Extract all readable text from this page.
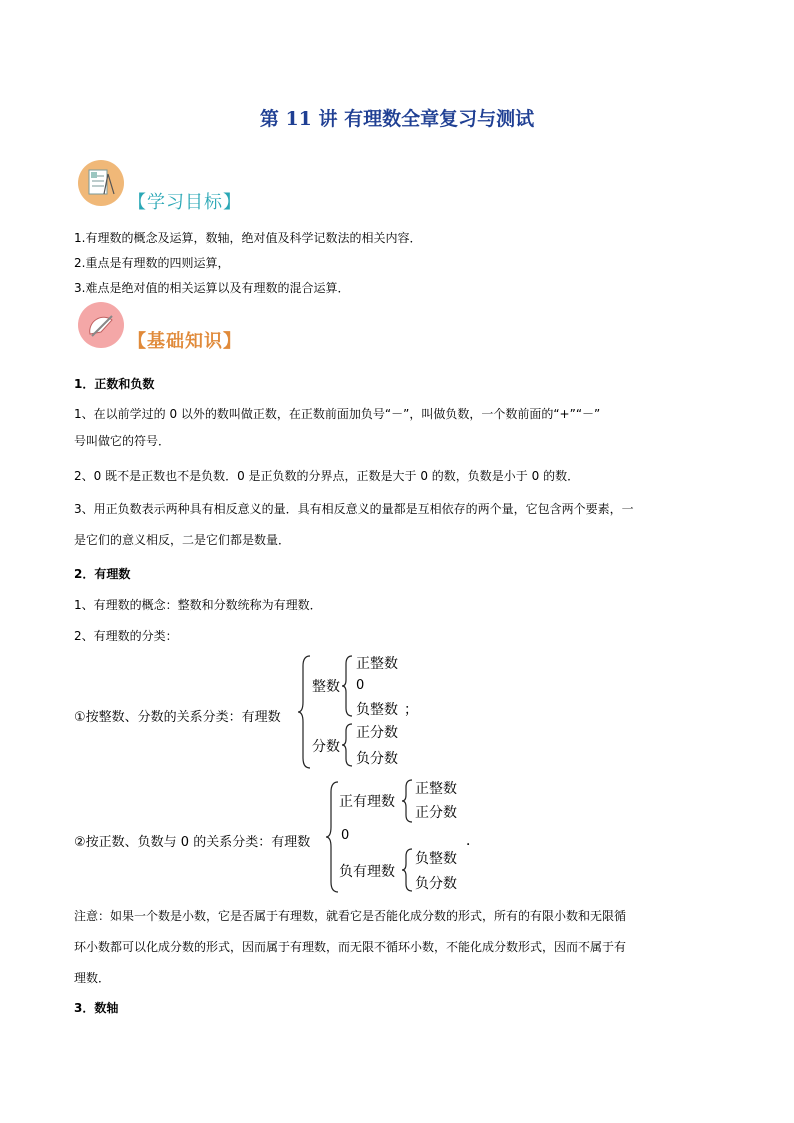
第 11 讲 有理数全章复习与测试
【学习目标】
1.有理数的概念及运算，数轴，绝对值及科学记数法的相关内容．
2.重点是有理数的四则运算，
3.难点是绝对值的相关运算以及有理数的混合运算．
【基础知识】
1．正数和负数
1、在以前学过的 0 以外的数叫做正数，在正数前面加负号“－”，叫做负数，一个数前面的“+”“－”
号叫做它的符号．
2、0 既不是正数也不是负数．0 是正负数的分界点，正数是大于 0 的数，负数是小于 0 的数．
3、用正负数表示两种具有相反意义的量．具有相反意义的量都是互相依存的两个量，它包含两个要素，一
是它们的意义相反，二是它们都是数量．
2．有理数
1、有理数的概念：整数和分数统称为有理数．
2、有理数的分类：
①按整数、分数的关系分类：有理数
整数
正整数
0
负整数 ；
分数
正分数
负分数
②按正数、负数与 0 的关系分类：有理数
正有理数
正整数
正分数
0	．
负有理数
负整数
负分数
注意：如果一个数是小数，它是否属于有理数，就看它是否能化成分数的形式，所有的有限小数和无限循
环小数都可以化成分数的形式，因而属于有理数，而无限不循环小数，不能化成分数形式，因而不属于有
理数．
3．数轴
